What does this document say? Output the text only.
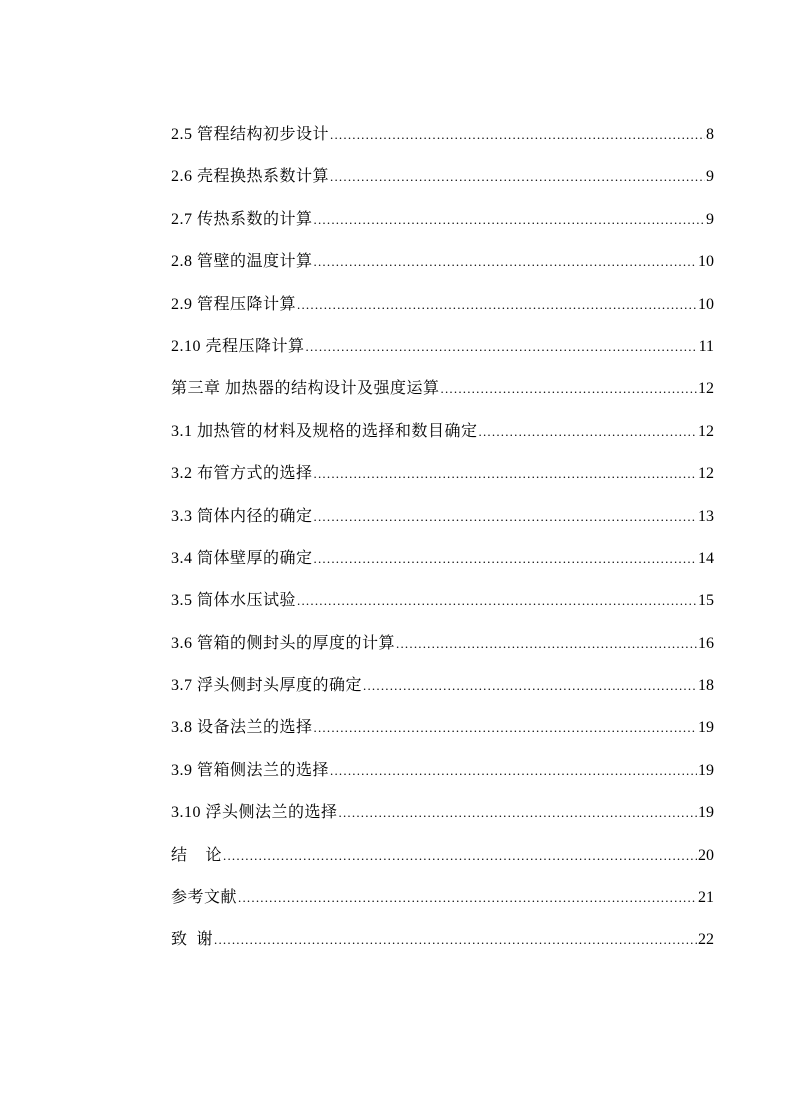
2.5 管程结构初步设计 .....	8
2.6 壳程换热系数计算 .....	9
2.7 传热系数的计算 .....	9
2.8 管壁的温度计算 .....	10
2.9 管程压降计算 .....	10
2.10 壳程压降计算 .....	11
第三章 加热器的结构设计及强度运算 .....	12
3.1 加热管的材料及规格的选择和数目确定 .....	12
3.2 布管方式的选择 .....	12
3.3 筒体内径的确定 .....	13
3.4 筒体壁厚的确定 .....	14
3.5 筒体水压试验 .....	15
3.6 管箱的侧封头的厚度的计算 .....	16
3.7 浮头侧封头厚度的确定 .....	18
3.8 设备法兰的选择 .....	19
3.9 管箱侧法兰的选择 .....	19
3.10 浮头侧法兰的选择 .....	19
结    论 .....	20
参考文献 .....	21
致  谢 .....	22
